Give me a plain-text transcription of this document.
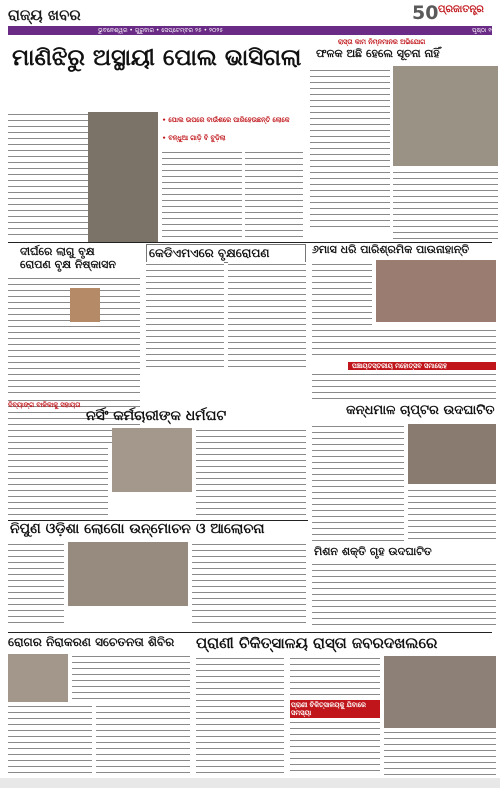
ରାଜ୍ୟ ଖବର	50 ପ୍ରଜାତନ୍ତ୍ର
ଭୁବନେଶ୍ୱର • ଗୁରୁବାର • ସେପ୍ଟେମ୍ବର ୨୫ • ୨୦୨୫	ପୃଷ୍ଠା ୧୩
ମାଣିଝିରୁ ଅସ୍ଥାୟୀ ପୋଲ ଭାସିଗଲା
• ପୋଲ ଉପରେ ବାଉଁଶରେ ପାରିହେଉଛନ୍ତି ଲୋକେ
• ବନ୍ଧୁଆ ଗାଡ଼ି ବି ବୁଡ଼ିଲା
ରାସ୍ତା କାମ ନିମ୍ନମାନର ଅଭିଯୋଗ
ଫଳକ ଅଛି ହେଲେ ସୂଚନା ନାହିଁ
ଦୀର୍ଘରେ ଲାଗୁ ବୃକ୍ଷ
ରୋପଣ ବୃକ୍ଷ ନିଷ୍କାସନ
କେଡିଏମଏରେ ବୃକ୍ଷରୋପଣ	୬ମାସ ଧରି ପାରିଶ୍ରମିକ ପାଉନାହାନ୍ତି
ପଞ୍ଚାୟତସ୍ତରୀୟ ମହୋତ୍ସବ ସମାରୋହ
ଦିବ୍ୟାଙ୍ଗ ବାଳିକାକୁ ସହାୟତା
ନର୍ସିଂ କର୍ମଚାରୀଙ୍କ ଧର୍ମଘଟ	କନ୍ଧମାଳ ଚାପ୍ଟର ଉଦଘାଟିତ
ନିପୁଣ ଓଡ଼ିଶା ଲୋଗୋ ଉନ୍ମୋଚନ ଓ ଆଲୋଚନା
ମିଶନ ଶକ୍ତି ଗୃହ ଉଦଘାଟିତ
ରୋଗର ନିରାକରଣ ସଚେତନତା ଶିବିର	ପ୍ରାଣୀ ଚିକିତ୍ସାଳୟ ରାସ୍ତା ଜବରଦଖଲରେ
ପ୍ରାଣୀ ଚିକିତ୍ସାଳୟକୁ ଯିବାରେ ସମସ୍ୟା
